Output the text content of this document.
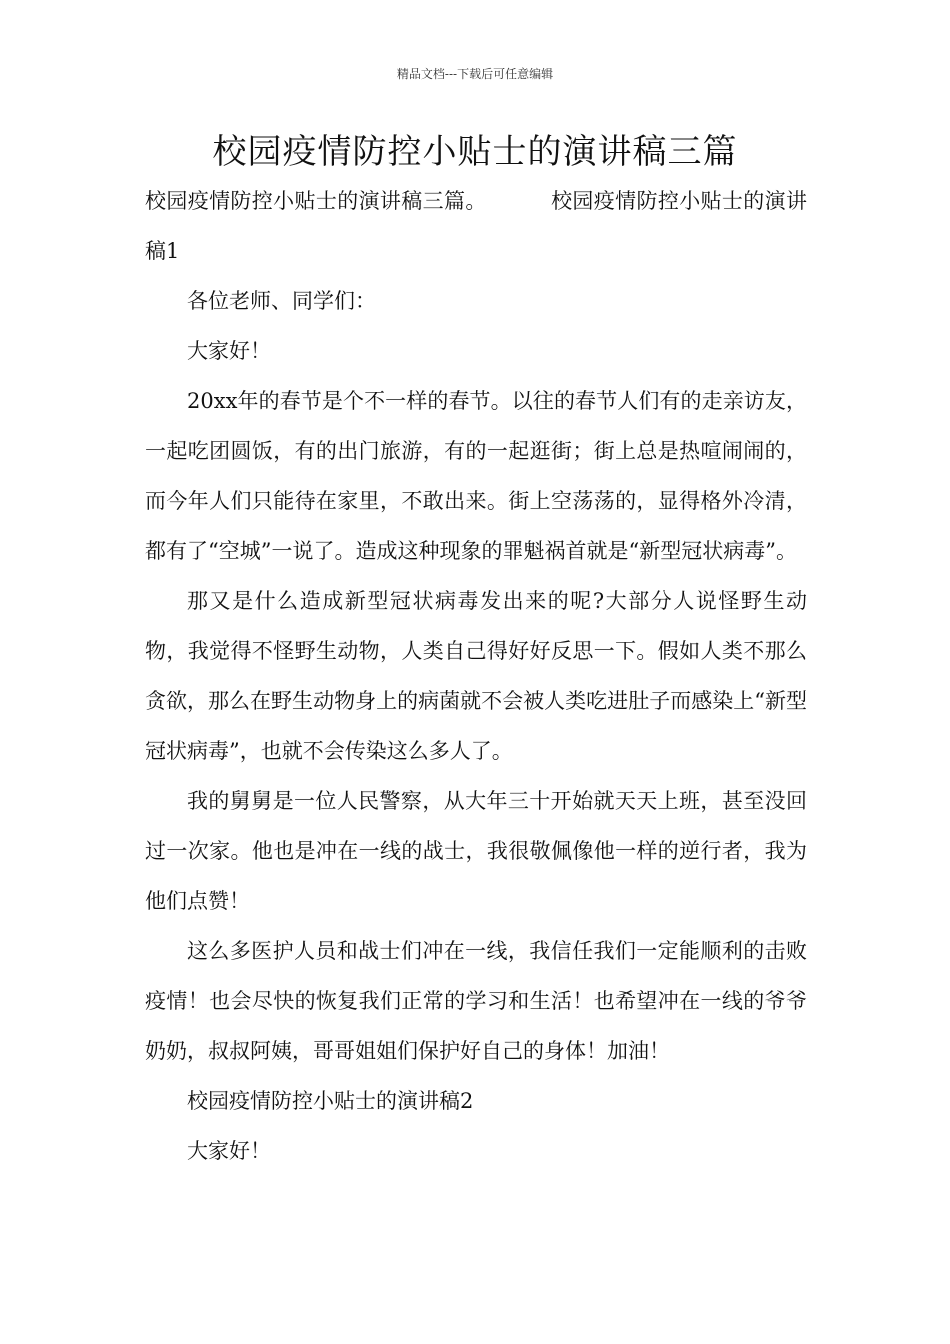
精品文档---下载后可任意编辑
校园疫情防控小贴士的演讲稿三篇

校园疫情防控小贴士的演讲稿三篇。	校园疫情防控小贴士的演讲稿1

各位老师、同学们：

大家好！

20xx年的春节是个不一样的春节。以往的春节人们有的走亲访友，一起吃团圆饭，有的出门旅游，有的一起逛街；街上总是热喧闹闹的，而今年人们只能待在家里，不敢出来。街上空荡荡的，显得格外冷清，都有了“空城”一说了。造成这种现象的罪魁祸首就是“新型冠状病毒”。

那又是什么造成新型冠状病毒发出来的呢?大部分人说怪野生动物，我觉得不怪野生动物，人类自己得好好反思一下。假如人类不那么贪欲，那么在野生动物身上的病菌就不会被人类吃进肚子而感染上“新型冠状病毒”，也就不会传染这么多人了。

我的舅舅是一位人民警察，从大年三十开始就天天上班，甚至没回过一次家。他也是冲在一线的战士，我很敬佩像他一样的逆行者，我为他们点赞！

这么多医护人员和战士们冲在一线，我信任我们一定能顺利的击败疫情！也会尽快的恢复我们正常的学习和生活！也希望冲在一线的爷爷奶奶，叔叔阿姨，哥哥姐姐们保护好自己的身体！加油！

校园疫情防控小贴士的演讲稿2

大家好！
